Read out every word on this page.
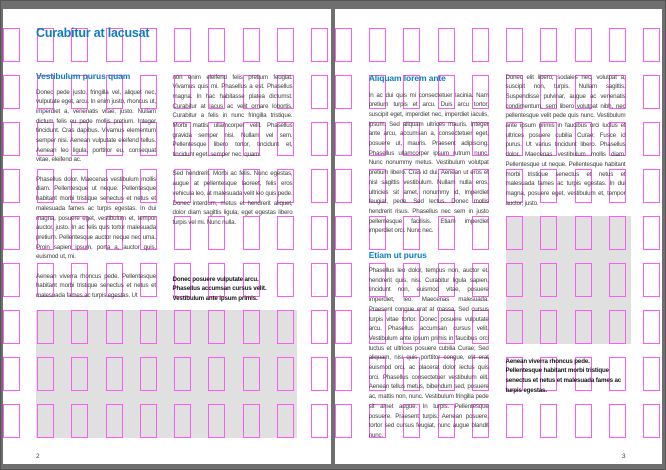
Curabitur at lacusat
Vestibulum purus quam

Donec pede justo, fringilla vel, aliquet nec, vulputate eget, arcu. In enim justo, rhoncus ut, imperdiet a, venenatis vitae, justo. Nullam dictum felis eu pede mollis pretium. Integer tincidunt. Cras dapibus. Vivamus elementum semper nisi. Aenean vulputate eleifend tellus. Aenean leo ligula, porttitor eu, consequat vitae, eleifend ac.

Phasellus dolor. Maecenas vestibulum mollis diam. Pellentesque ut neque. Pellentesque habitant morbi tristique senectus et netus et malesuada fames ac turpis egestas. In dui magna, posuere eget, vestibulum et, tempor auctor, justo. In ac felis quis tortor malesuada pretium. Pellentesque auctor neque nec urna. Proin sapien ipsum, porta a, auctor quis, euismod ut, mi.

Aenean viverra rhoncus pede. Pellentesque habitant morbi tristique senectus et netus et malesuada fames ac turpis egestas. Ut

non enim eleifend felis pretium feugiat. Vivamus quis mi. Phasellus a est. Phasellus magna. In hac habitasse platea dictumst. Curabitur at lacus ac velit ornare lobortis. Curabitur a felis in nunc fringilla tristique. Morbi mattis ullamcorper velit. Phasellus gravida semper nisi. Nullam vel sem. Pellentesque libero tortor, tincidunt et, tincidunt eget, semper nec, quam.

Sed hendrerit. Morbi ac felis. Nunc egestas, augue at pellentesque laoreet, felis eros vehicula leo, at malesuada velit leo quis pede. Donec interdum, metus et hendrerit aliquet, dolor diam sagittis ligula, eget egestas libero turpis vel mi. Nunc nulla.

Donec posuere vulputate arcu.
Phasellus accumsan cursus velit.
Vestibulum ante ipsum primis.
2
Aliquam lorem ante

In ac dui quis mi consectetuer lacinia. Nam pretium turpis et arcu. Duis arcu tortor, suscipit eget, imperdiet nec, imperdiet iaculis, ipsum. Sed aliquam ultrices mauris. Integer ante arcu, accumsan a, consectetuer eget, posuere ut, mauris. Praesent adipiscing. Phasellus ullamcorper ipsum rutrum nunc. Nunc nonummy metus. Vestibulum volutpat pretium libero. Cras id dui. Aenean ut eros et nisl sagittis vestibulum. Nullam nulla eros, ultricies sit amet, nonummy id, imperdiet feugiat, pede. Sed lectus. Donec mollis hendrerit risus. Phasellus nec sem in justo pellentesque facilisis. Etiam imperdiet imperdiet orci. Nunc nec.

Etiam ut purus

Phasellus leo dolor, tempus non, auctor et, hendrerit quis, nisi. Curabitur ligula sapien, tincidunt non, euismod vitae, posuere imperdiet, leo. Maecenas malesuada. Praesent congue erat at massa. Sed cursus turpis vitae tortor. Donec posuere vulputate arcu. Phasellus accumsan cursus velit. Vestibulum ante ipsum primis in faucibus orci luctus et ultrices posuere cubilia Curae; Sed aliquam, nisi quis porttitor congue, elit erat euismod orci, ac placerat dolor lectus quis orci. Phasellus consectetuer vestibulum elit. Aenean tellus metus, bibendum sed, posuere ac, mattis non, nunc. Vestibulum fringilla pede sit amet augue. In turpis. Pellentesque posuere. Praesent turpis. Aenean posuere, tortor sed cursus feugiat, nunc augue blandit nunc.

Donec elit libero, sodales nec, volutpat a, suscipit non, turpis. Nullam sagittis. Suspendisse pulvinar, augue ac venenatis condimentum, sem libero volutpat nibh, nec pellentesque velit pede quis nunc. Vestibulum ante ipsum primis in faucibus orci luctus et ultrices posuere cubilia Curae; Fusce id purus. Ut varius tincidunt libero. Phasellus dolor. Maecenas vestibulum mollis diam. Pellentesque ut neque. Pellentesque habitant morbi tristique senectus et netus et malesuada fames ac turpis egestas. In dui magna, posuere eget, vestibulum et, tempor auctor, justo.

Aenean viverra rhoncus pede. Pellentesque habitant morbi tristique senectus et netus et malesuada fames ac turpis egestas.
3
